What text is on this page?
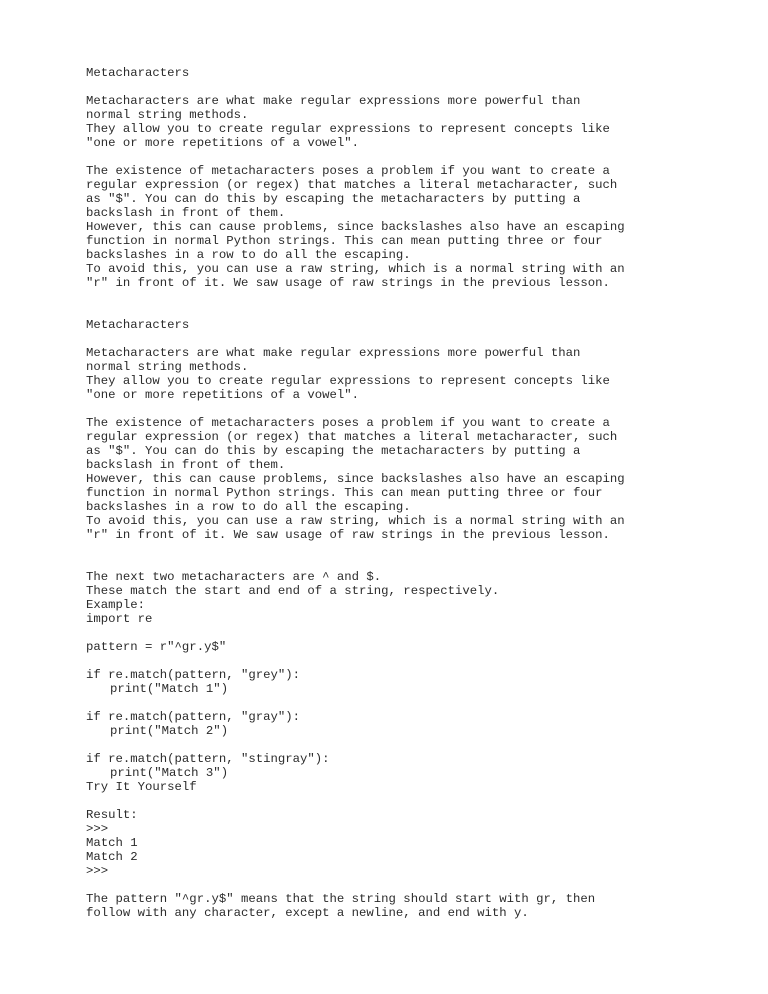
Metacharacters
Metacharacters are what make regular expressions more powerful than
normal string methods.
They allow you to create regular expressions to represent concepts like
"one or more repetitions of a vowel".
The existence of metacharacters poses a problem if you want to create a
regular expression (or regex) that matches a literal metacharacter, such
as "$". You can do this by escaping the metacharacters by putting a
backslash in front of them.
However, this can cause problems, since backslashes also have an escaping
function in normal Python strings. This can mean putting three or four
backslashes in a row to do all the escaping.
To avoid this, you can use a raw string, which is a normal string with an
"r" in front of it. We saw usage of raw strings in the previous lesson.
Metacharacters
Metacharacters are what make regular expressions more powerful than
normal string methods.
They allow you to create regular expressions to represent concepts like
"one or more repetitions of a vowel".
The existence of metacharacters poses a problem if you want to create a
regular expression (or regex) that matches a literal metacharacter, such
as "$". You can do this by escaping the metacharacters by putting a
backslash in front of them.
However, this can cause problems, since backslashes also have an escaping
function in normal Python strings. This can mean putting three or four
backslashes in a row to do all the escaping.
To avoid this, you can use a raw string, which is a normal string with an
"r" in front of it. We saw usage of raw strings in the previous lesson.
The next two metacharacters are ^ and $.
These match the start and end of a string, respectively.
Example:
import re
pattern = r"^gr.y$"
if re.match(pattern, "grey"):
print("Match 1")
if re.match(pattern, "gray"):
print("Match 2")
if re.match(pattern, "stingray"):
print("Match 3")
Try It Yourself
Result:
>>>
Match 1
Match 2
>>>
The pattern "^gr.y$" means that the string should start with gr, then
follow with any character, except a newline, and end with y.
